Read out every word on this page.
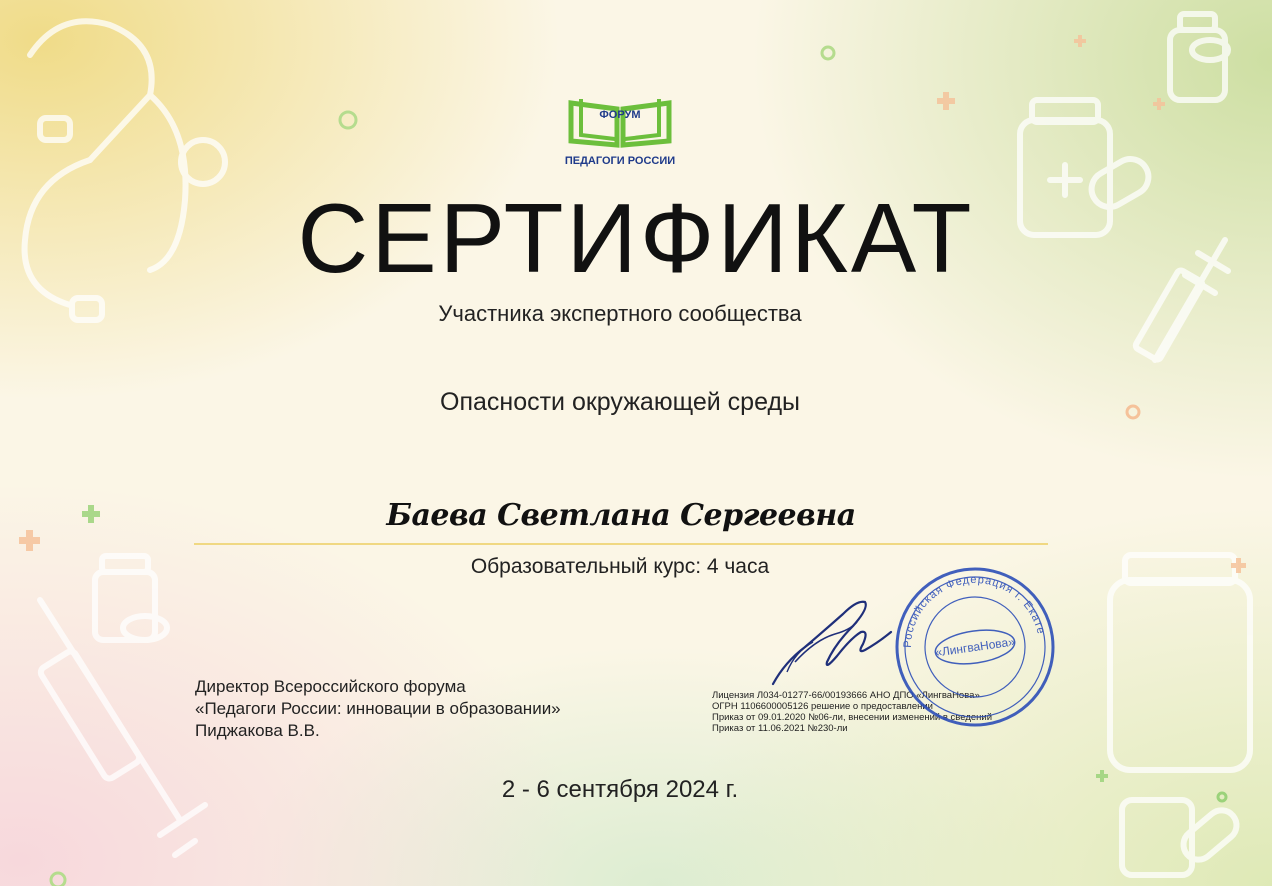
ФОРУМ
ПЕДАГОГИ РОССИИ
СЕРТИФИКАТ
Участника экспертного сообщества
Опасности окружающей среды
Баева Светлана Сергеевна
Образовательный курс: 4 часа
Директор Всероссийского форума
«Педагоги России: инновации в образовании»
Пиджакова В.В.
Лицензия Л034-01277-66/00193666 АНО ДПО «ЛингваНова»
ОГРН 1106600005126 решение о предоставлении
Приказ от 09.01.2020 №06-ли, внесении изменений в сведений
Приказ от 11.06.2021 №230-ли
Российская Федерация г. Екатеринбург
«ЛингваНова»
2 - 6 сентября 2024 г.
